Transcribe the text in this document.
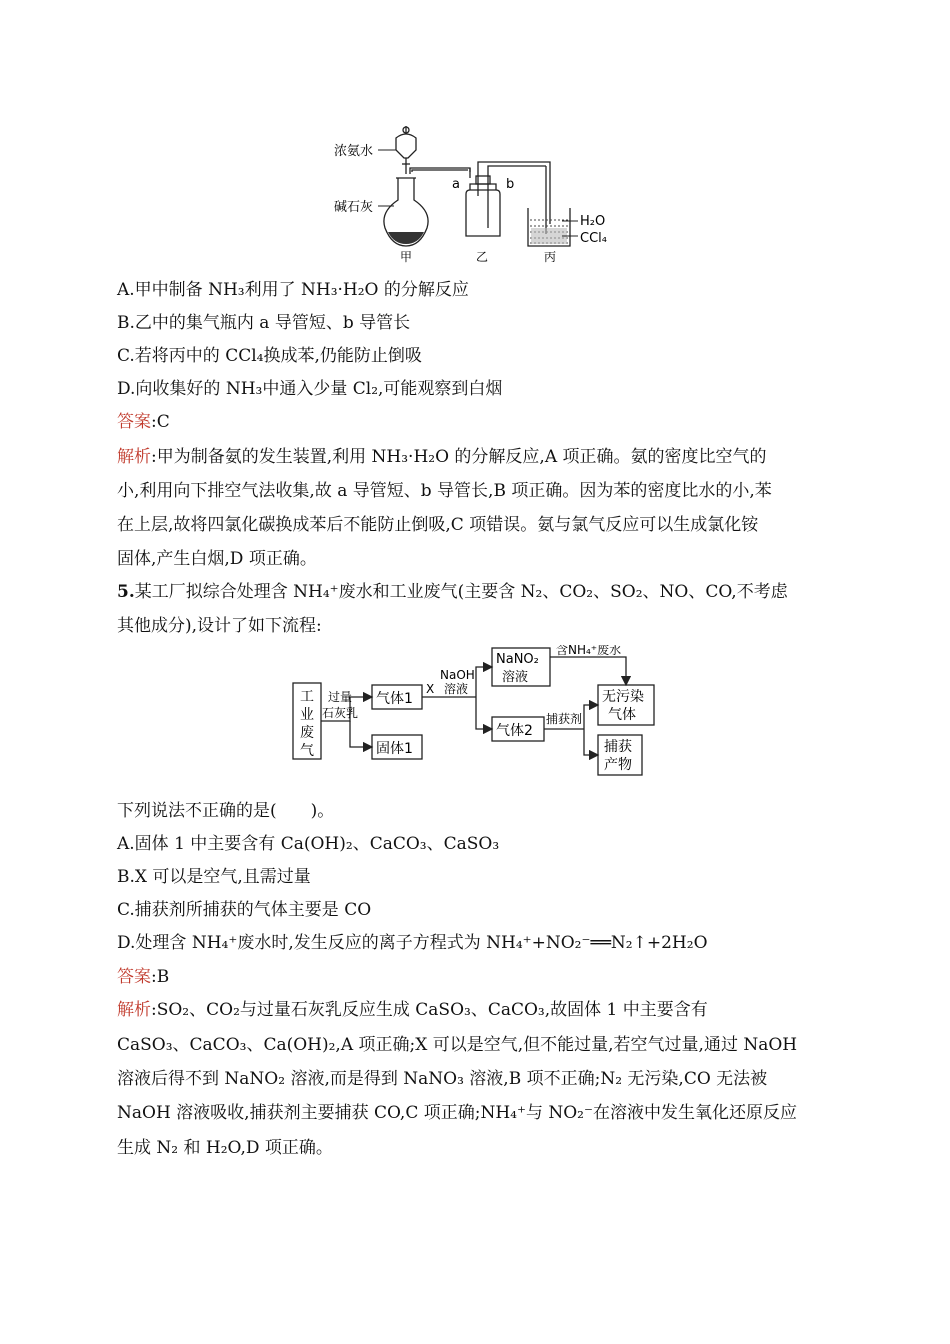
浓氨水
碱石灰
a	b
甲	乙	丙
H₂O
CCl₄
A.甲中制备 NH₃利用了 NH₃·H₂O 的分解反应
B.乙中的集气瓶内 a 导管短、b 导管长
C.若将丙中的 CCl₄换成苯,仍能防止倒吸
D.向收集好的 NH₃中通入少量 Cl₂,可能观察到白烟
答案:C
解析:甲为制备氨的发生装置,利用 NH₃·H₂O 的分解反应,A 项正确。氨的密度比空气的
小,利用向下排空气法收集,故 a 导管短、b 导管长,B 项正确。因为苯的密度比水的小,苯
在上层,故将四氯化碳换成苯后不能防止倒吸,C 项错误。氨与氯气反应可以生成氯化铵
固体,产生白烟,D 项正确。
5.某工厂拟综合处理含 NH₄⁺废水和工业废气(主要含 N₂、CO₂、SO₂、NO、CO,不考虑
其他成分),设计了如下流程:
工
业
废
气
过量
石灰乳
气体1
固体1
X
NaOH
溶液
NaNO₂
溶液
含NH₄⁺废水
无污染
气体
气体2
捕获剂
捕获
产物
下列说法不正确的是(　　)。
A.固体 1 中主要含有 Ca(OH)₂、CaCO₃、CaSO₃
B.X 可以是空气,且需过量
C.捕获剂所捕获的气体主要是 CO
D.处理含 NH₄⁺废水时,发生反应的离子方程式为 NH₄⁺+NO₂⁻══N₂↑+2H₂O
答案:B
解析:SO₂、CO₂与过量石灰乳反应生成 CaSO₃、CaCO₃,故固体 1 中主要含有
CaSO₃、CaCO₃、Ca(OH)₂,A 项正确;X 可以是空气,但不能过量,若空气过量,通过 NaOH
溶液后得不到 NaNO₂ 溶液,而是得到 NaNO₃ 溶液,B 项不正确;N₂ 无污染,CO 无法被
NaOH 溶液吸收,捕获剂主要捕获 CO,C 项正确;NH₄⁺与 NO₂⁻在溶液中发生氧化还原反应
生成 N₂ 和 H₂O,D 项正确。
